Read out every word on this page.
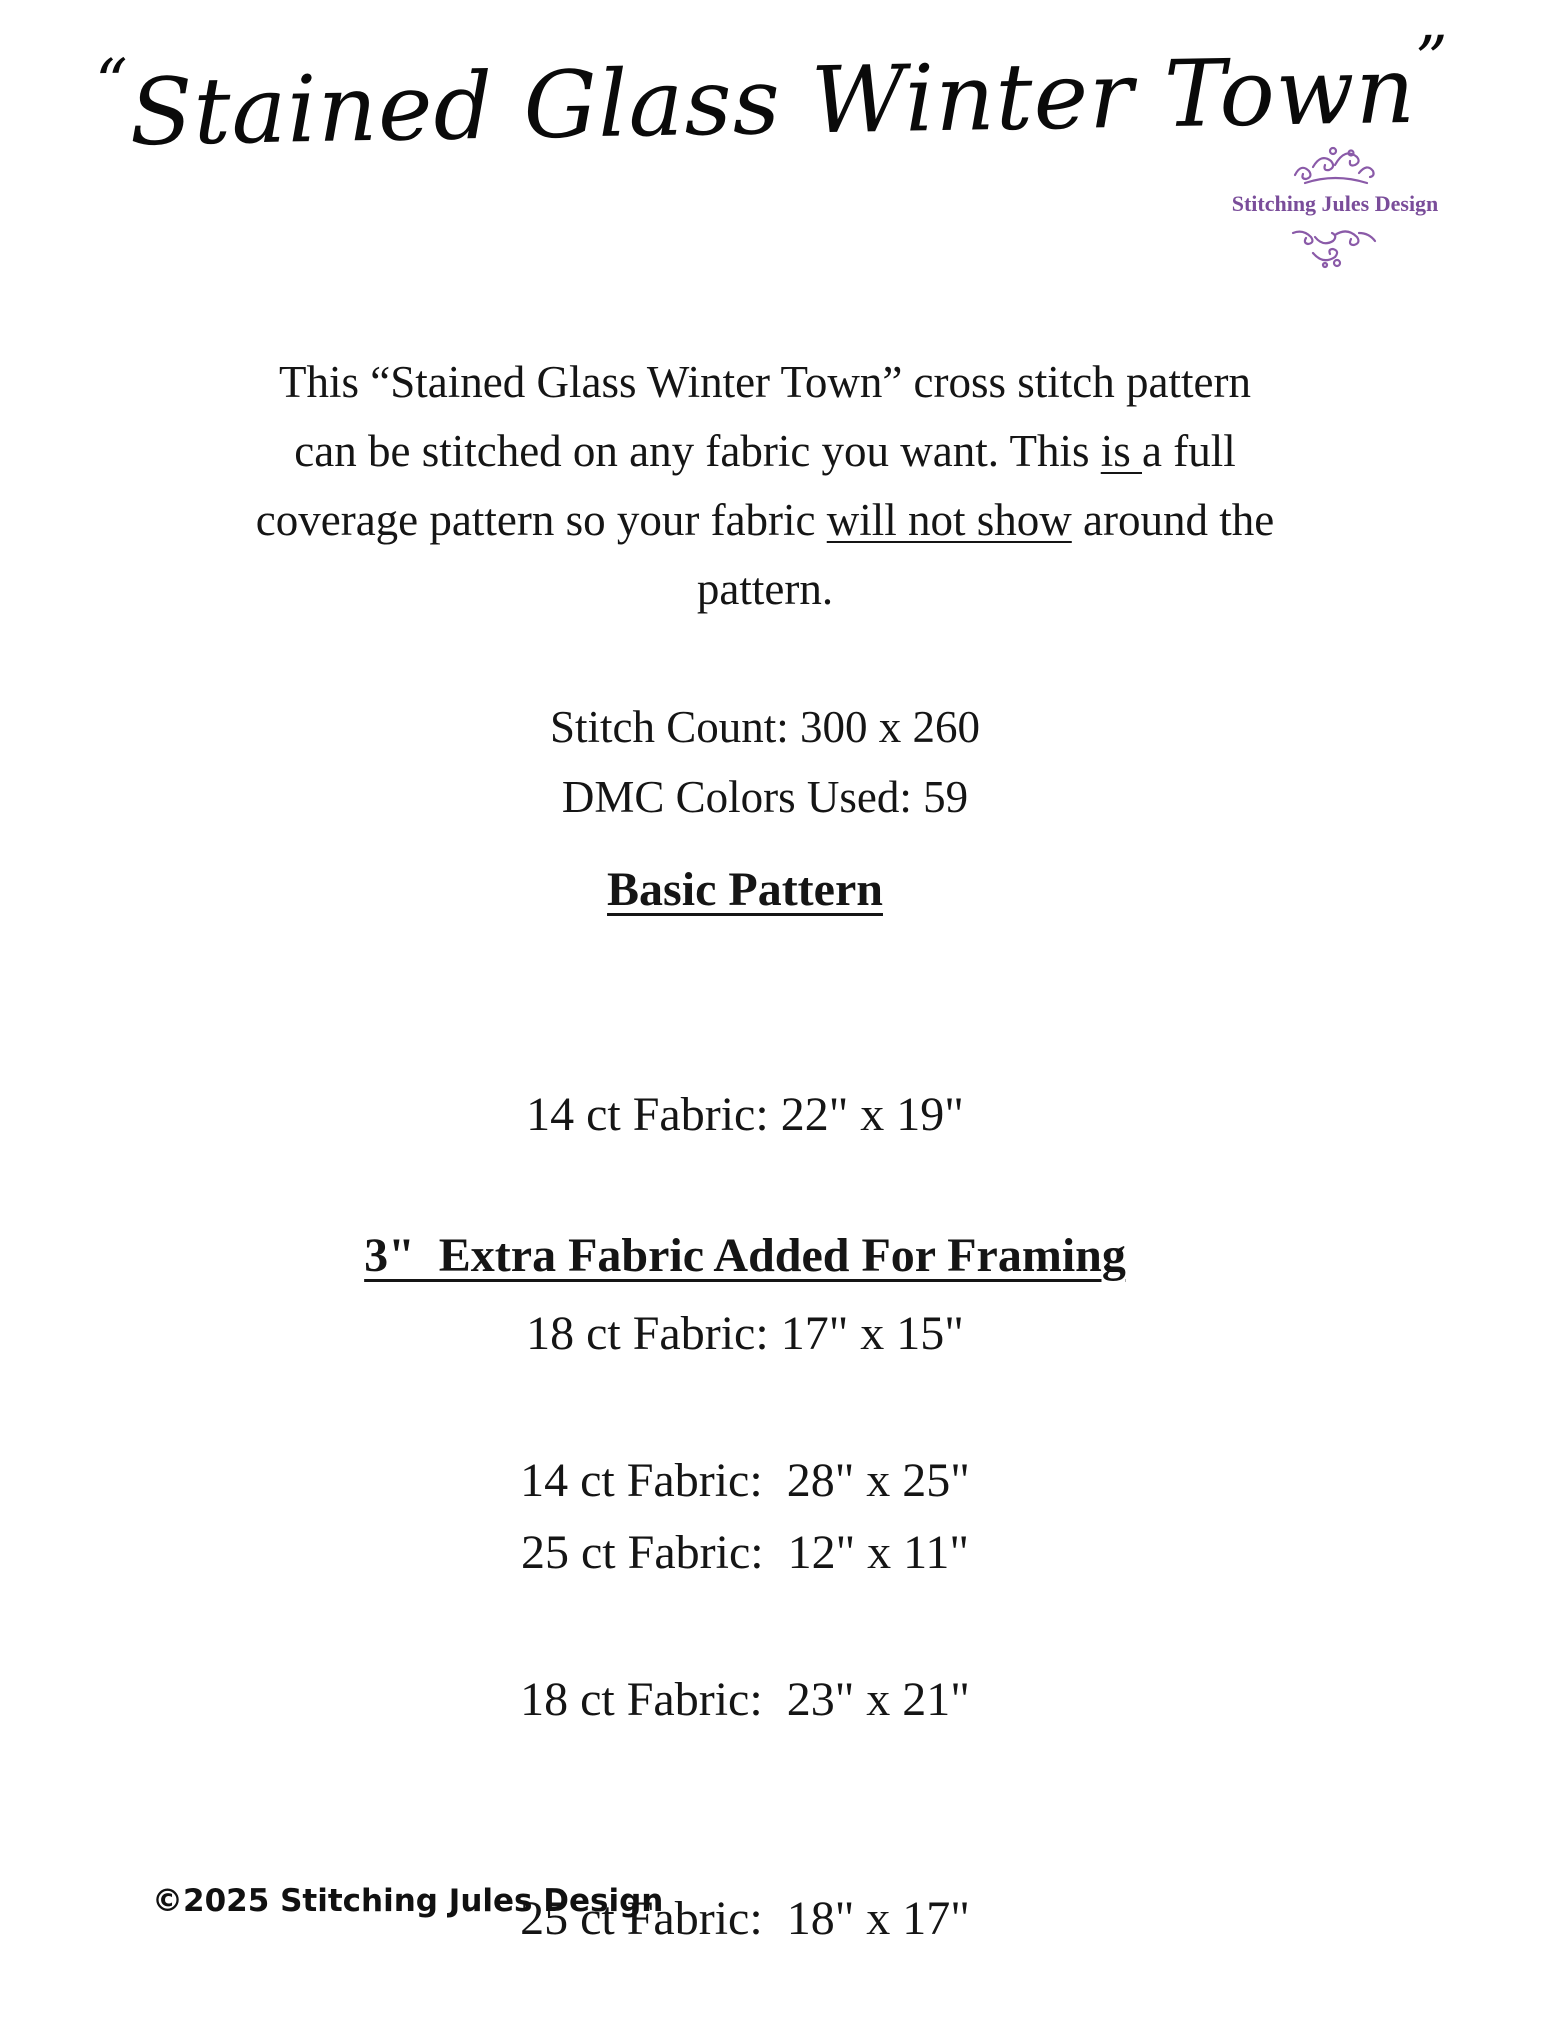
“Stained Glass Winter Town”
Stitching Jules Design
This “Stained Glass Winter Town” cross stitch pattern
can be stitched on any fabric you want. This is a full
coverage pattern so your fabric will not show around the
pattern.
Stitch Count: 300 x 260
DMC Colors Used: 59
Basic Pattern

14 ct Fabric: 22" x 19"

18 ct Fabric: 17" x 15"

25 ct Fabric:  12" x 11"

3"  Extra Fabric Added For Framing

14 ct Fabric:  28" x 25"

18 ct Fabric:  23" x 21"

25 ct Fabric:  18" x 17"

©2025 Stitching Jules Design
